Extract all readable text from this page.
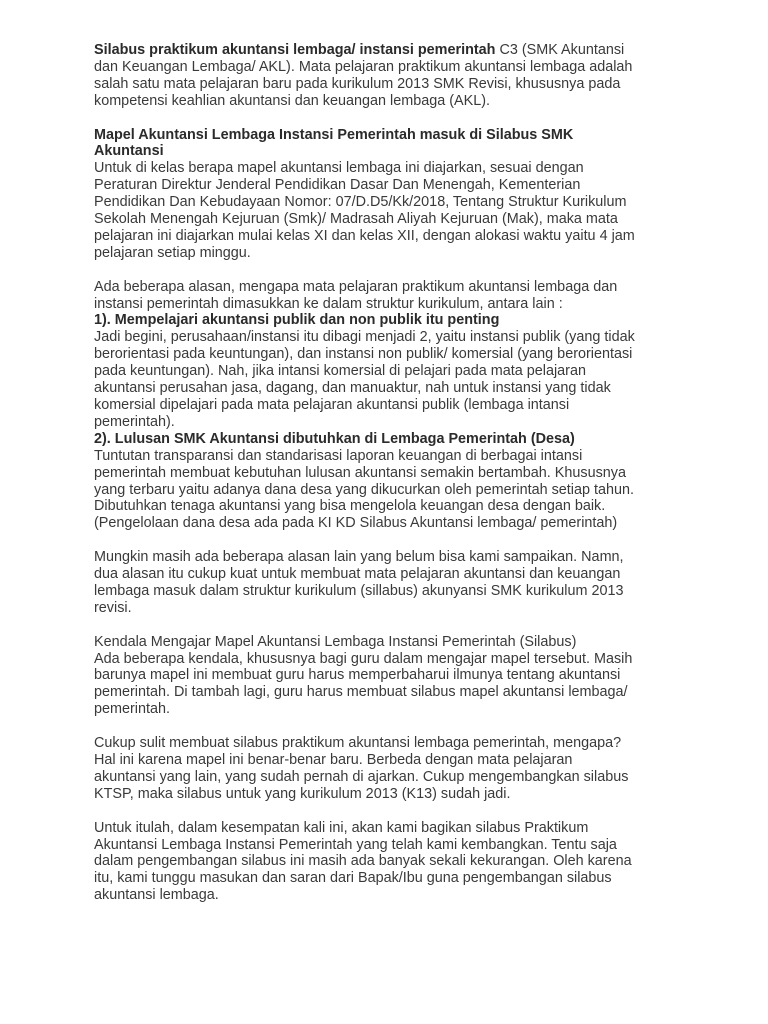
Silabus praktikum akuntansi lembaga/ instansi pemerintah C3 (SMK Akuntansi
dan Keuangan Lembaga/ AKL). Mata pelajaran praktikum akuntansi lembaga adalah
salah satu mata pelajaran baru pada kurikulum 2013 SMK Revisi, khususnya pada
kompetensi keahlian akuntansi dan keuangan lembaga (AKL).
Mapel Akuntansi Lembaga Instansi Pemerintah masuk di Silabus SMK
Akuntansi
Untuk di kelas berapa mapel akuntansi lembaga ini diajarkan, sesuai dengan
Peraturan Direktur Jenderal Pendidikan Dasar Dan Menengah, Kementerian
Pendidikan Dan Kebudayaan Nomor: 07/D.D5/Kk/2018, Tentang Struktur Kurikulum
Sekolah Menengah Kejuruan (Smk)/ Madrasah Aliyah Kejuruan (Mak), maka mata
pelajaran ini diajarkan mulai kelas XI dan kelas XII, dengan alokasi waktu yaitu 4 jam
pelajaran setiap minggu.
Ada beberapa alasan, mengapa mata pelajaran praktikum akuntansi lembaga dan
instansi pemerintah dimasukkan ke dalam struktur kurikulum, antara lain :
1). Mempelajari akuntansi publik dan non publik itu penting
Jadi begini, perusahaan/instansi itu dibagi menjadi 2, yaitu instansi publik (yang tidak
berorientasi pada keuntungan), dan instansi non publik/ komersial (yang berorientasi
pada keuntungan). Nah, jika intansi komersial di pelajari pada mata pelajaran
akuntansi perusahan jasa, dagang, dan manuaktur, nah untuk instansi yang tidak
komersial dipelajari pada mata pelajaran akuntansi publik (lembaga intansi
pemerintah).
2). Lulusan SMK Akuntansi dibutuhkan di Lembaga Pemerintah (Desa)
Tuntutan transparansi dan standarisasi laporan keuangan di berbagai intansi
pemerintah membuat kebutuhan lulusan akuntansi semakin bertambah. Khususnya
yang terbaru yaitu adanya dana desa yang dikucurkan oleh pemerintah setiap tahun.
Dibutuhkan tenaga akuntansi yang bisa mengelola keuangan desa dengan baik.
(Pengelolaan dana desa ada pada KI KD Silabus Akuntansi lembaga/ pemerintah)
Mungkin masih ada beberapa alasan lain yang belum bisa kami sampaikan. Namn,
dua alasan itu cukup kuat untuk membuat mata pelajaran akuntansi dan keuangan
lembaga masuk dalam struktur kurikulum (sillabus) akunyansi SMK kurikulum 2013
revisi.
Kendala Mengajar Mapel Akuntansi Lembaga Instansi Pemerintah (Silabus)
Ada beberapa kendala, khususnya bagi guru dalam mengajar mapel tersebut. Masih
barunya mapel ini membuat guru harus memperbaharui ilmunya tentang akuntansi
pemerintah. Di tambah lagi, guru harus membuat silabus mapel akuntansi lembaga/
pemerintah.
Cukup sulit membuat silabus praktikum akuntansi lembaga pemerintah, mengapa?
Hal ini karena mapel ini benar-benar baru. Berbeda dengan mata pelajaran
akuntansi yang lain, yang sudah pernah di ajarkan. Cukup mengembangkan silabus
KTSP, maka silabus untuk yang kurikulum 2013 (K13) sudah jadi.
Untuk itulah, dalam kesempatan kali ini, akan kami bagikan silabus Praktikum
Akuntansi Lembaga Instansi Pemerintah yang telah kami kembangkan. Tentu saja
dalam pengembangan silabus ini masih ada banyak sekali kekurangan. Oleh karena
itu, kami tunggu masukan dan saran dari Bapak/Ibu guna pengembangan silabus
akuntansi lembaga.
